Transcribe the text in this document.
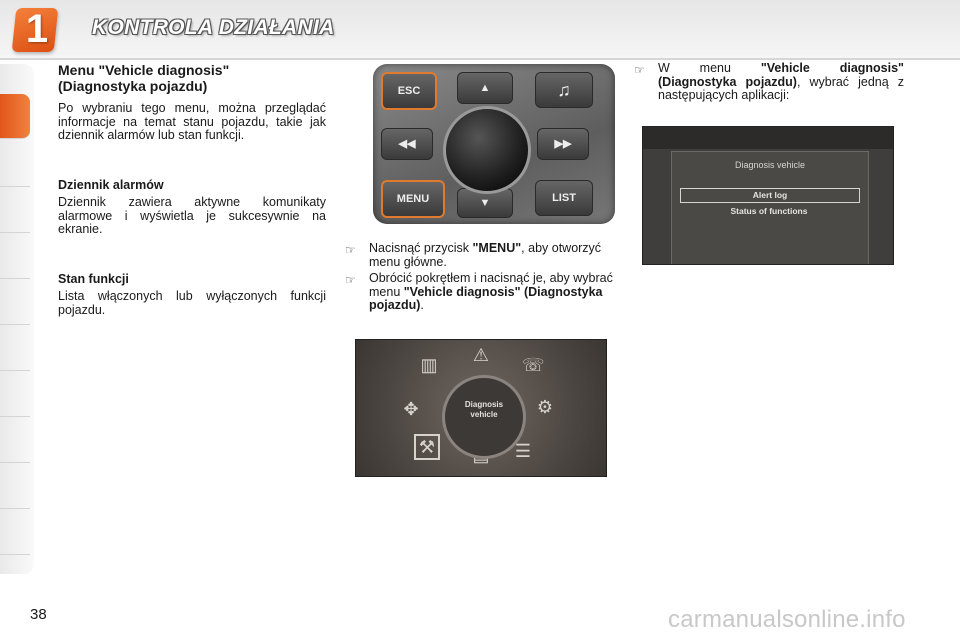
1 KONTROLA DZIAŁANIA
Menu "Vehicle diagnosis" (Diagnostyka pojazdu)
Po wybraniu tego menu, można przeglądać informacje na temat stanu pojazdu, takie jak dziennik alarmów lub stan funkcji.
Dziennik alarmów
Dziennik zawiera aktywne komunikaty alarmowe i wyświetla je sukcesywnie na ekranie.
Stan funkcji
Lista włączonych lub wyłączonych funkcji pojazdu.
ESC	▲	♫
◀◀	▶▶
MENU	▼	LIST
☞ Nacisnąć przycisk "MENU", aby otworzyć menu główne.
☞ Obrócić pokrętłem i nacisnąć je, aby wybrać menu "Vehicle diagnosis" (Diagnostyka pojazdu).
▥ ⚠ ☏
✥	⚙
⚒	☰
Diagnosis
vehicle
☞ W menu "Vehicle diagnosis" (Diagnostyka pojazdu), wybrać jedną z następujących aplikacji:
Diagnosis vehicle
Alert log
Status of functions
38	carmanualsonline.info
